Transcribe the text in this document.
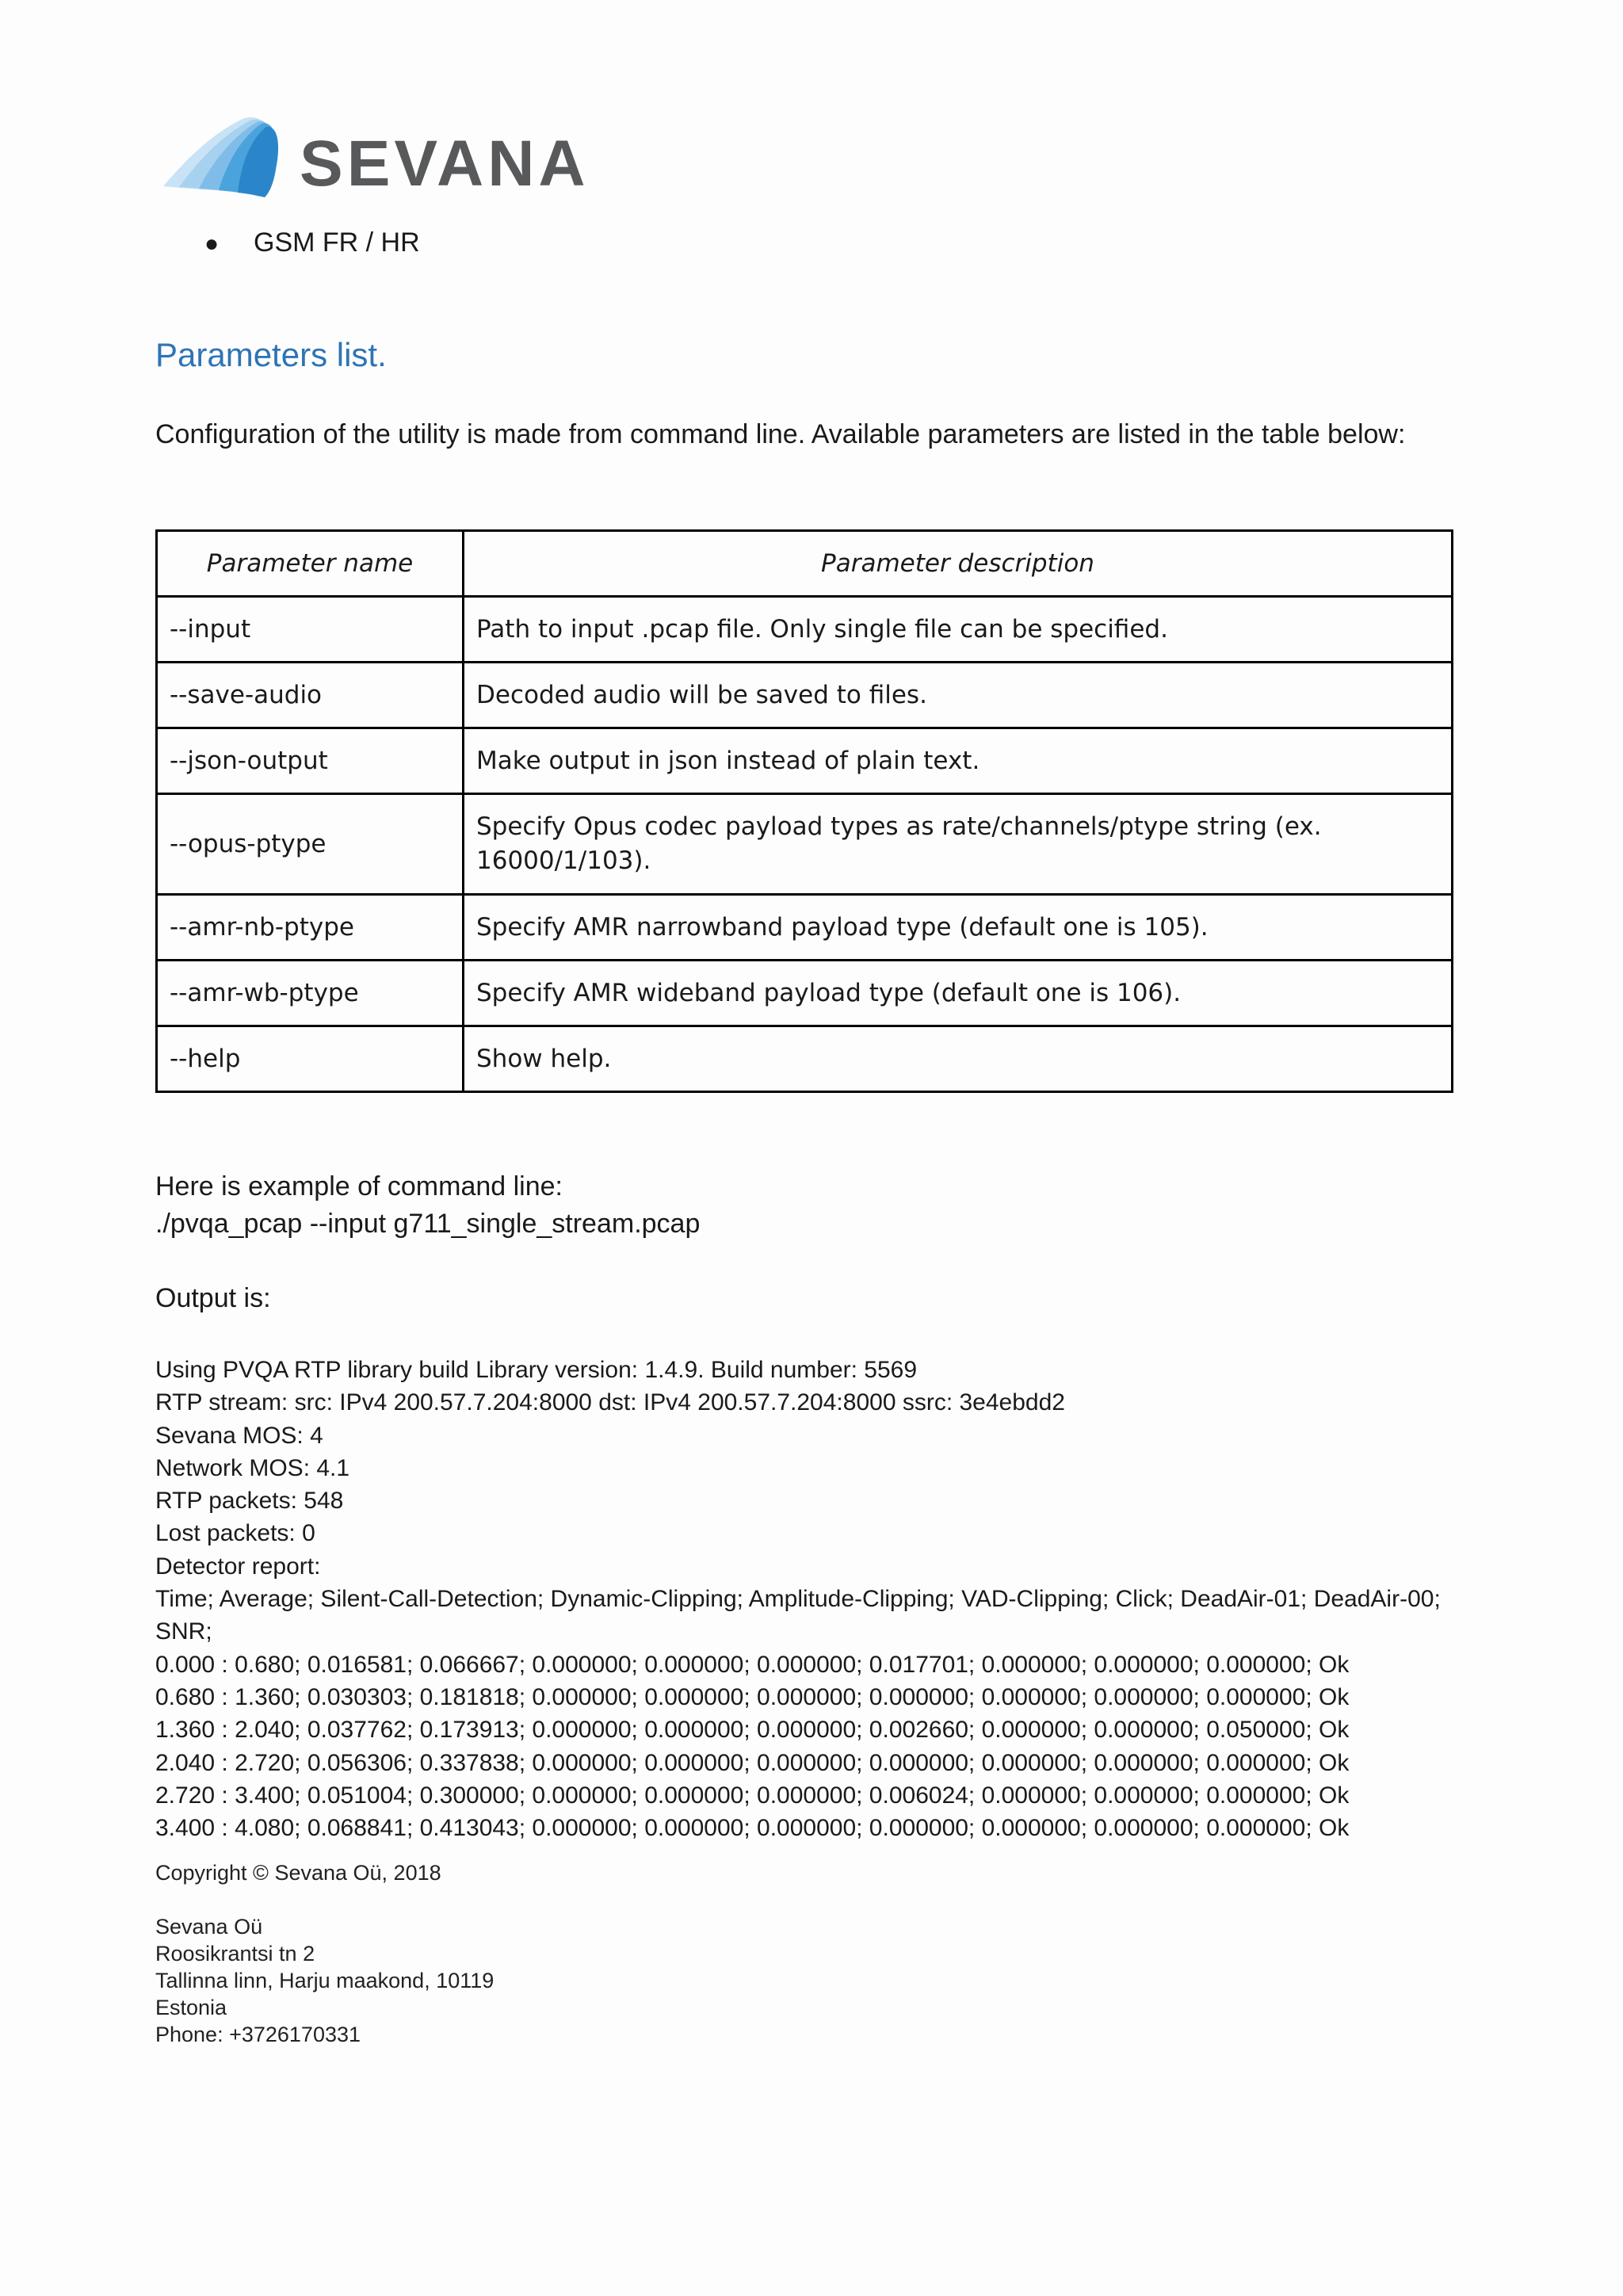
SEVANA
● GSM FR / HR
Parameters list.
Configuration of the utility is made from command line. Available parameters are listed in the table below:
Parameter name	Parameter description
--input	Path to input .pcap file. Only single file can be specified.
--save-audio	Decoded audio will be saved to files.
--json-output	Make output in json instead of plain text.
--opus-ptype	Specify Opus codec payload types as rate/channels/ptype string (ex. 16000/1/103).
--amr-nb-ptype	Specify AMR narrowband payload type (default one is 105).
--amr-wb-ptype	Specify AMR wideband payload type (default one is 106).
--help	Show help.
Here is example of command line:
./pvqa_pcap --input g711_single_stream.pcap
Output is:
Using PVQA RTP library build Library version: 1.4.9. Build number: 5569
RTP stream: src: IPv4 200.57.7.204:8000 dst: IPv4 200.57.7.204:8000 ssrc: 3e4ebdd2
Sevana MOS: 4
Network MOS: 4.1
RTP packets: 548
Lost packets: 0
Detector report:
Time; Average; Silent-Call-Detection; Dynamic-Clipping; Amplitude-Clipping; VAD-Clipping; Click; DeadAir-01; DeadAir-00; SNR;
0.000 : 0.680; 0.016581; 0.066667; 0.000000; 0.000000; 0.000000; 0.017701; 0.000000; 0.000000; 0.000000; Ok
0.680 : 1.360; 0.030303; 0.181818; 0.000000; 0.000000; 0.000000; 0.000000; 0.000000; 0.000000; 0.000000; Ok
1.360 : 2.040; 0.037762; 0.173913; 0.000000; 0.000000; 0.000000; 0.002660; 0.000000; 0.000000; 0.050000; Ok
2.040 : 2.720; 0.056306; 0.337838; 0.000000; 0.000000; 0.000000; 0.000000; 0.000000; 0.000000; 0.000000; Ok
2.720 : 3.400; 0.051004; 0.300000; 0.000000; 0.000000; 0.000000; 0.006024; 0.000000; 0.000000; 0.000000; Ok
3.400 : 4.080; 0.068841; 0.413043; 0.000000; 0.000000; 0.000000; 0.000000; 0.000000; 0.000000; 0.000000; Ok
Copyright © Sevana Oü, 2018
Sevana Oü
Roosikrantsi tn 2
Tallinna linn, Harju maakond, 10119
Estonia
Phone: +3726170331
